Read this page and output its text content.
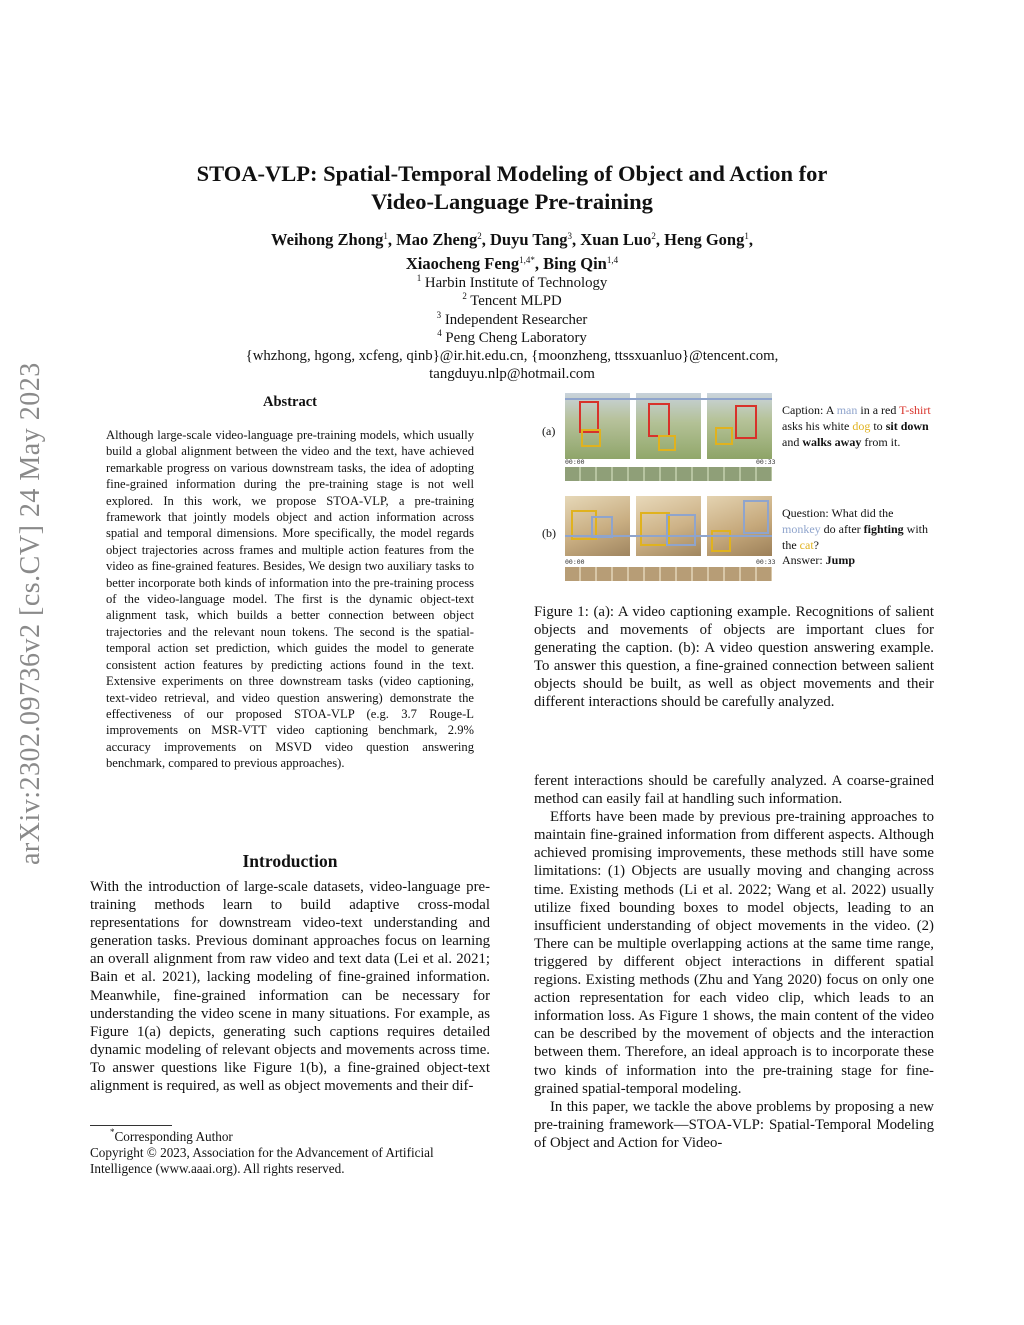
arXiv:2302.09736v2 [cs.CV] 24 May 2023
STOA-VLP: Spatial-Temporal Modeling of Object and Action for
Video-Language Pre-training
Weihong Zhong$^1$, Mao Zheng$^2$, Duyu Tang$^3$, Xuan Luo$^2$, Heng Gong$^1$,
Xiaocheng Feng$^{1,4*}$, Bing Qin$^{1,4}$
$^1$ Harbin Institute of Technology
$^2$ Tencent MLPD
$^3$ Independent Researcher
$^4$ Peng Cheng Laboratory
{whzhong, hgong, xcfeng, qinb}@ir.hit.edu.cn, {moonzheng, ttssxuanluo}@tencent.com,
tangduyu.nlp@hotmail.com
Abstract
Although large-scale video-language pre-training models, which usually build a global alignment between the video and the text, have achieved remarkable progress on various downstream tasks, the idea of adopting fine-grained information during the pre-training stage is not well explored. In this work, we propose STOA-VLP, a pre-training framework that jointly models object and action information across spatial and temporal dimensions. More specifically, the model regards object trajectories across frames and multiple action features from the video as fine-grained features. Besides, We design two auxiliary tasks to better incorporate both kinds of information into the pre-training process of the video-language model. The first is the dynamic object-text alignment task, which builds a better connection between object trajectories and the relevant noun tokens. The second is the spatial-temporal action set prediction, which guides the model to generate consistent action features by predicting actions found in the text. Extensive experiments on three downstream tasks (video captioning, text-video retrieval, and video question answering) demonstrate the effectiveness of our proposed STOA-VLP (e.g. 3.7 Rouge-L improvements on MSR-VTT video captioning benchmark, 2.9% accuracy improvements on MSVD video question answering benchmark, compared to previous approaches).
Introduction
With the introduction of large-scale datasets, video-language pre-training methods learn to build adaptive cross-modal representations for downstream video-text understanding and generation tasks. Previous dominant approaches focus on learning an overall alignment from raw video and text data (Lei et al. 2021; Bain et al. 2021), lacking modeling of fine-grained information. Meanwhile, fine-grained information can be necessary for understanding the video scene in many situations. For example, as Figure 1(a) depicts, generating such captions requires detailed dynamic modeling of relevant objects and movements across time. To answer questions like Figure 1(b), a fine-grained object-text alignment is required, as well as object movements and their dif-
*Corresponding Author
Copyright © 2023, Association for the Advancement of Artificial Intelligence (www.aaai.org). All rights reserved.
(a)
00:00	00:33
Caption: A man in a red T-shirt asks his white dog to sit down and walks away from it.
(b)
00:00	00:33
Question: What did the monkey do after fighting with the cat?
Answer: Jump
Figure 1: (a): A video captioning example. Recognitions of salient objects and movements of objects are important clues for generating the caption. (b): A video question answering example. To answer this question, a fine-grained connection between salient objects should be built, as well as object movements and their different interactions should be carefully analyzed.

ferent interactions should be carefully analyzed. A coarse-grained method can easily fail at handling such information.

Efforts have been made by previous pre-training approaches to maintain fine-grained information from different aspects. Although achieved promising improvements, these methods still have some limitations: (1) Objects are usually moving and changing across time. Existing methods (Li et al. 2022; Wang et al. 2022) usually utilize fixed bounding boxes to model objects, leading to an insufficient understanding of object movements in the video. (2) There can be multiple overlapping actions at the same time range, triggered by different object interactions in different spatial regions. Existing methods (Zhu and Yang 2020) focus on only one action representation for each video clip, which leads to an information loss. As Figure 1 shows, the main content of the video can be described by the movement of objects and the interaction between them. Therefore, an ideal approach is to incorporate these two kinds of information into the pre-training stage for fine-grained spatial-temporal modeling.

In this paper, we tackle the above problems by proposing a new pre-training framework—STOA-VLP: Spatial-Temporal Modeling of Object and Action for Video-
